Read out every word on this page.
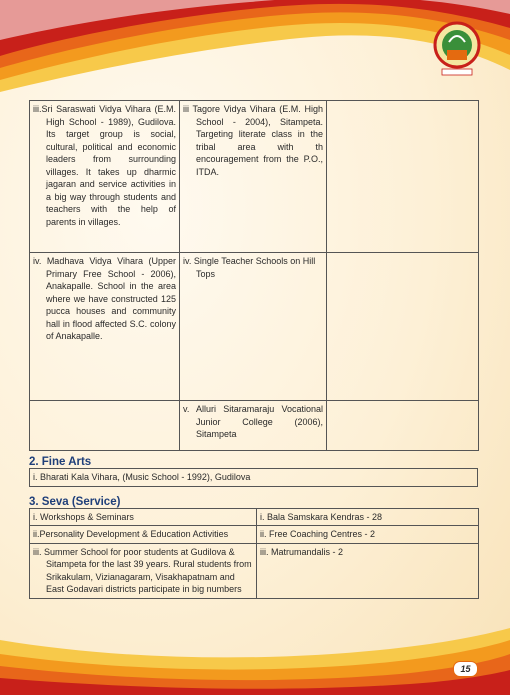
iii.Sri Saraswati Vidya Vihara (E.M. High School - 1989), Gudilova. Its target group is social, cultural, political and economic leaders from surrounding villages. It takes up dharmic jagaran and service activities in a big way through students and teachers with the help of parents in villages.	iii Tagore Vidya Vihara (E.M. High School - 2004), Sitampeta. Targeting literate class in the tribal area with th encouragement from the P.O., ITDA.	
iv. Madhava Vidya Vihara (Upper Primary Free School - 2006), Anakapalle. School in the area where we have constructed 125 pucca houses and community hall in flood affected S.C. colony of Anakapalle.	iv. Single Teacher Schools on Hill Tops	
	v. Alluri Sitaramaraju Vocational Junior College (2006), Sitampeta	
2. Fine Arts
i. Bharati Kala Vihara, (Music School - 1992), Gudilova
3. Seva (Service)
i. Workshops & Seminars	i. Bala Samskara Kendras - 28
ii.Personality Development & Education Activities	ii. Free Coaching Centres - 2
iii. Summer School for poor students at Gudilova & Sitampeta for the last 39 years. Rural students from Srikakulam, Vizianagaram, Visakhapatnam and East Godavari districts participate in big numbers	iii. Matrumandalis - 2
15
